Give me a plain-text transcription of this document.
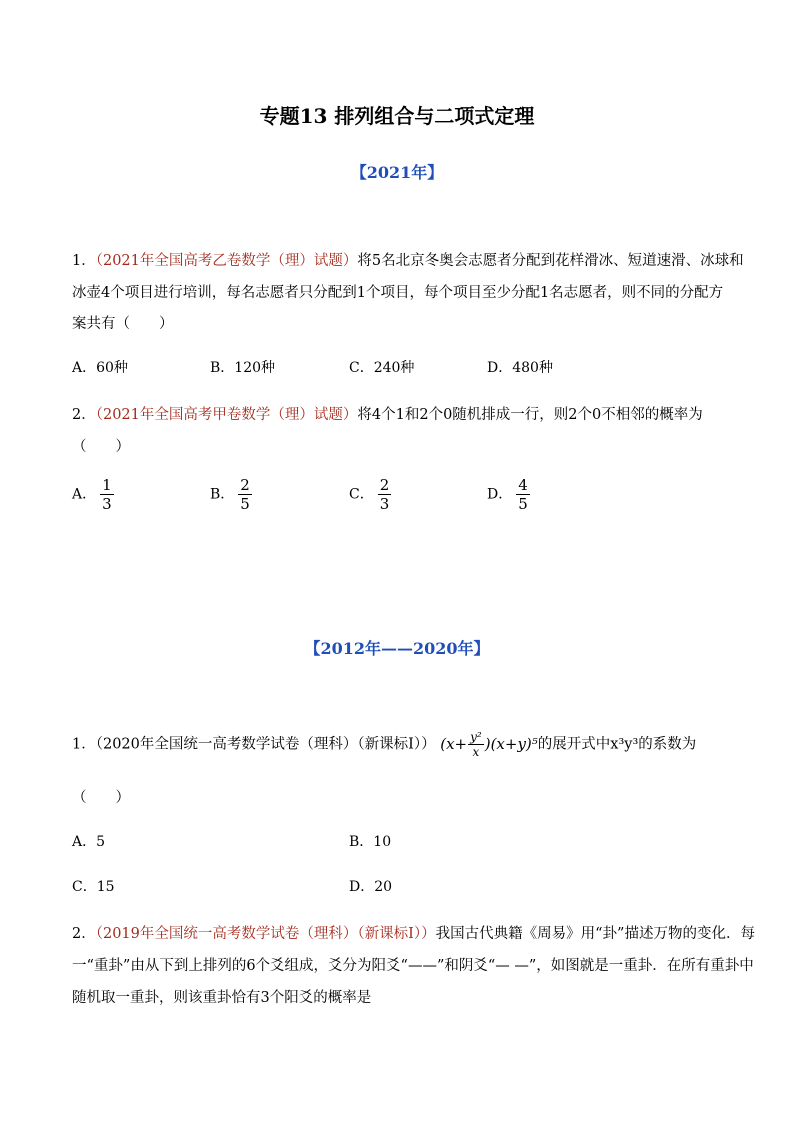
专题13 排列组合与二项式定理
【2021年】
1．（2021年全国高考乙卷数学（理）试题）将5名北京冬奥会志愿者分配到花样滑冰、短道速滑、冰球和
冰壶4个项目进行培训，每名志愿者只分配到1个项目，每个项目至少分配1名志愿者，则不同的分配方
案共有（　　）
A．60种	B．120种	C．240种	D．480种
2．（2021年全国高考甲卷数学（理）试题）将4个1和2个0随机排成一行，则2个0不相邻的概率为
（　　）
A． $\frac{1}{3}$	B． $\frac{2}{5}$	C． $\frac{2}{3}$	D． $\frac{4}{5}$
【2012年——2020年】
1．（2020年全国统一高考数学试卷（理科）（新课标Ⅰ）） $(x+ \frac{\text{y²}}{x} )(x+y)^5$的展开式中x³y³的系数为
（　　）
A．5	B．10
C．15	D．20
2．（2019年全国统一高考数学试卷（理科）（新课标Ⅰ））我国古代典籍《周易》用“卦”描述万物的变化．每
一“重卦”由从下到上排列的6个爻组成，爻分为阳爻“——”和阴爻“— —”，如图就是一重卦．在所有重卦中
随机取一重卦，则该重卦恰有3个阳爻的概率是
